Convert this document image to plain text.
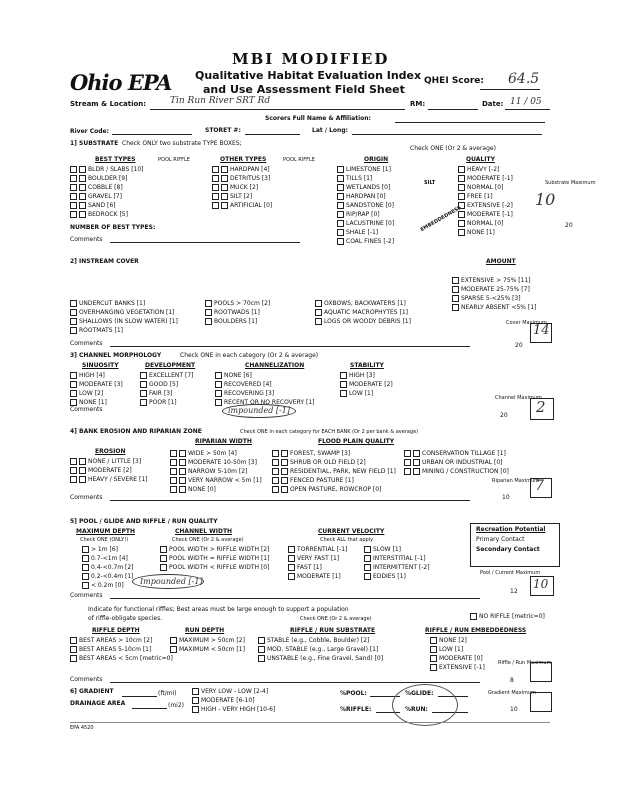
MBI MODIFIED
Ohio EPA Qualitative Habitat Evaluation Index
and Use Assessment Field Sheet
QHEI Score: 64.5
Stream & Location:	Tin Run River SRT Rd	RM:	Date: 11 / 05
Scorers Full Name & Affiliation:
River Code:	STORET #:	Lat / Long:
1] SUBSTRATE Check ONLY two substrate TYPE BOXES;
Check ONE (Or 2 & average)
BEST TYPES	POOL RIFFLE	OTHER TYPES	POOL RIFFLE	ORIGIN	QUALITY
BLDR / SLABS [10]
BOULDER [9]
COBBLE [8]
GRAVEL [7]
SAND [6]
BEDROCK [5]
HARDPAN [4]
DETRITUS [3]
MUCK [2]
SILT [2]
ARTIFICIAL [0]
LIMESTONE [1]
TILLS [1]
WETLANDS [0]
HARDPAN [0]
SANDSTONE [0]
RIP/RAP [0]
LACUSTRINE [0]
SHALE [-1]
COAL FINES [-2]
SILT
EMBEDDEDNESS
HEAVY [-2]
MODERATE [-1]
NORMAL [0]
FREE [1]
EXTENSIVE [-2]
MODERATE [-1]
NORMAL [0]
NONE [1]
NUMBER OF BEST TYPES:
Comments
Substrate Maximum
10
20
2] INSTREAM COVER	AMOUNT
UNDERCUT BANKS [1]
OVERHANGING VEGETATION [1]
SHALLOWS (IN SLOW WATER) [1]
ROOTMATS [1]
POOLS > 70cm [2]
ROOTWADS [1]
BOULDERS [1]
OXBOWS, BACKWATERS [1]
AQUATIC MACROPHYTES [1]
LOGS OR WOODY DEBRIS [1]
EXTENSIVE > 75% [11]
MODERATE 25-75% [7]
SPARSE 5-<25% [3]
NEARLY ABSENT <5% [1]
Comments
Cover Maximum
20
14
3] CHANNEL MORPHOLOGY	Check ONE in each category (Or 2 & average)
SINUOSITY	DEVELOPMENT	CHANNELIZATION	STABILITY
HIGH [4]
MODERATE [3]
LOW [2]
NONE [1]
EXCELLENT [7]
GOOD [5]
FAIR [3]
POOR [1]
NONE [6]
RECOVERED [4]
RECOVERING [3]
RECENT OR NO RECOVERY [1]
HIGH [3]
MODERATE [2]
LOW [1]
impounded [-1]
Comments
Channel Maximum
20 2
4] BANK EROSION AND RIPARIAN ZONE	Check ONE in each category for EACH BANK (Or 2 per bank & average)
EROSION
RIPARIAN WIDTH	FLOOD PLAIN QUALITY
NONE / LITTLE [3]
MODERATE [2]
HEAVY / SEVERE [1]
WIDE > 50m [4]
MODERATE 10-50m [3]
NARROW 5-10m [2]
VERY NARROW < 5m [1]
NONE [0]
FOREST, SWAMP [3]
SHRUB OR OLD FIELD [2]
RESIDENTIAL, PARK, NEW FIELD [1]
FENCED PASTURE [1]
OPEN PASTURE, ROWCROP [0]
CONSERVATION TILLAGE [1]
URBAN OR INDUSTRIAL [0]
MINING / CONSTRUCTION [0]
Comments
Riparian Maximum
10
7
5] POOL / GLIDE AND RIFFLE / RUN QUALITY
MAXIMUM DEPTH
Check ONE (ONLY!)
CHANNEL WIDTH
Check ONE (Or 2 & average)
CURRENT VELOCITY
Check ALL that apply
> 1m [6]
0.7-<1m [4]
0.4-<0.7m [2]
0.2-<0.4m [1]
< 0.2m [0]
POOL WIDTH > RIFFLE WIDTH [2]
POOL WIDTH = RIFFLE WIDTH [1]
POOL WIDTH < RIFFLE WIDTH [0]
TORRENTIAL [-1]
VERY FAST [1]
FAST [1]
MODERATE [1]
SLOW [1]
INTERSTITIAL [-1]
INTERMITTENT [-2]
EDDIES [1]
Recreation Potential
Primary Contact
Secondary Contact
Impounded [-1]
Comments
Pool / Current Maximum
12
10
Indicate for functional riffles; Best areas must be large enough to support a population
of riffle-obligate species.	Check ONE (Or 2 & average)	NO RIFFLE [metric=0]
RIFFLE DEPTH	RUN DEPTH	RIFFLE / RUN SUBSTRATE	RIFFLE / RUN EMBEDDEDNESS
BEST AREAS > 10cm [2]
BEST AREAS 5-10cm [1]
BEST AREAS < 5cm [metric=0]
MAXIMUM > 50cm [2]
MAXIMUM < 50cm [1]
STABLE (e.g., Cobble, Boulder) [2]
MOD. STABLE (e.g., Large Gravel) [1]
UNSTABLE (e.g., Fine Gravel, Sand) [0]
NONE [2]
LOW [1]
MODERATE [0]
EXTENSIVE [-1]
Comments
Riffle / Run Maximum
8
6] GRADIENT	(ft/mi)
DRAINAGE AREA	(mi2)
VERY LOW - LOW [2-4]
MODERATE [6-10]
HIGH - VERY HIGH [10-6]
%POOL:	%GLIDE:
%RIFFLE:	%RUN:
Gradient Maximum
10
EPA 4520
